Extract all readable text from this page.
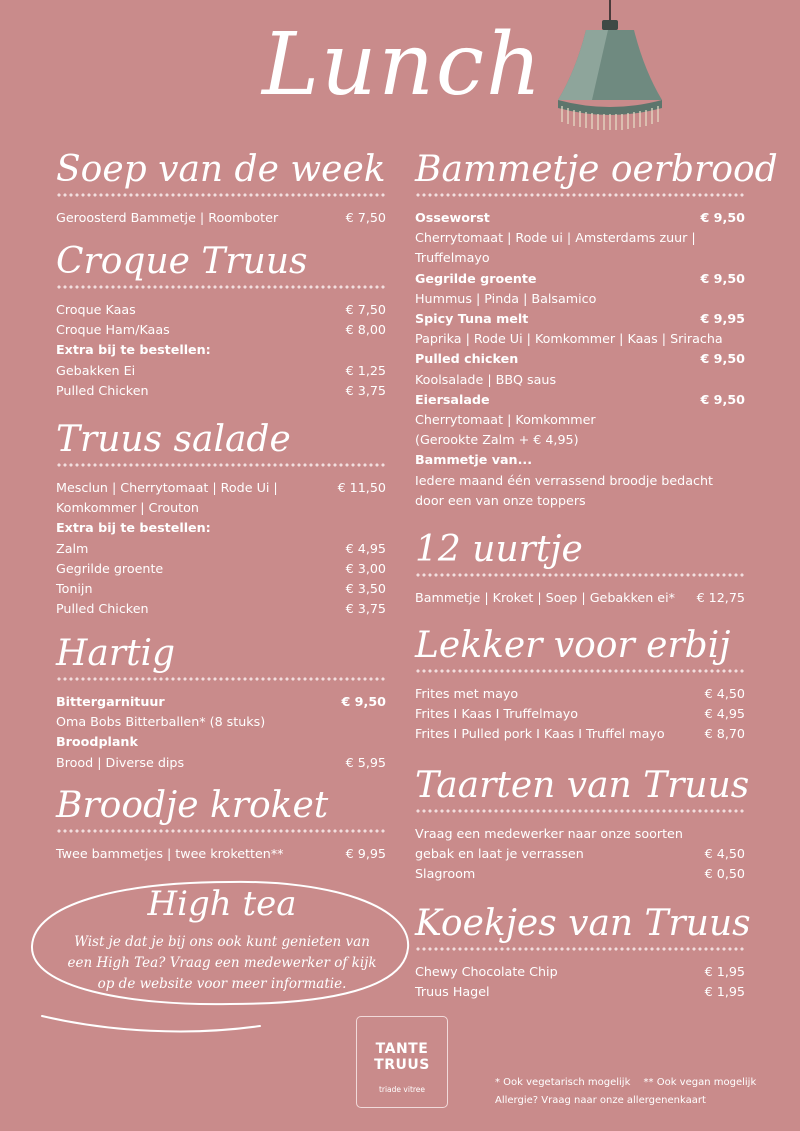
Lunch
Soep van de week
Geroosterd Bammetje | Roomboter	€ 7,50
Croque Truus
Croque Kaas	€ 7,50
Croque Ham/Kaas	€ 8,00
Extra bij te bestellen:
Gebakken Ei	€ 1,25
Pulled Chicken	€ 3,75
Truus salade
Mesclun | Cherrytomaat | Rode Ui |	€ 11,50
Komkommer | Crouton
Extra bij te bestellen:
Zalm	€ 4,95
Gegrilde groente	€ 3,00
Tonijn	€ 3,50
Pulled Chicken	€ 3,75
Hartig
Bittergarnituur	€ 9,50
Oma Bobs Bitterballen* (8 stuks)
Broodplank
Brood | Diverse dips	€ 5,95
Broodje kroket
Twee bammetjes | twee kroketten**	€ 9,95
Bammetje oerbrood
Osseworst	€ 9,50
Cherrytomaat | Rode ui | Amsterdams zuur |
Truffelmayo
Gegrilde groente	€ 9,50
Hummus | Pinda | Balsamico
Spicy Tuna melt	€ 9,95
Paprika | Rode Ui | Komkommer | Kaas | Sriracha
Pulled chicken	€ 9,50
Koolsalade | BBQ saus
Eiersalade	€ 9,50
Cherrytomaat | Komkommer
(Gerookte Zalm + € 4,95)
Bammetje van...
Iedere maand één verrassend broodje bedacht
door een van onze toppers
12 uurtje
Bammetje | Kroket | Soep | Gebakken ei*	€ 12,75
Lekker voor erbij
Frites met mayo	€ 4,50
Frites I Kaas I Truffelmayo	€ 4,95
Frites I Pulled pork I Kaas I Truffel mayo	€ 8,70
Taarten van Truus
Vraag een medewerker naar onze soorten
gebak en laat je verrassen	€ 4,50
Slagroom	€ 0,50
Koekjes van Truus
Chewy Chocolate Chip	€ 1,95
Truus Hagel	€ 1,95
High tea
Wist je dat je bij ons ook kunt genieten van een High Tea? Vraag een medewerker of kijk op de website voor meer informatie.
TANTE
TRUUS
triade vitree
* Ook vegetarisch mogelijk ** Ook vegan mogelijk
Allergie? Vraag naar onze allergenenkaart
